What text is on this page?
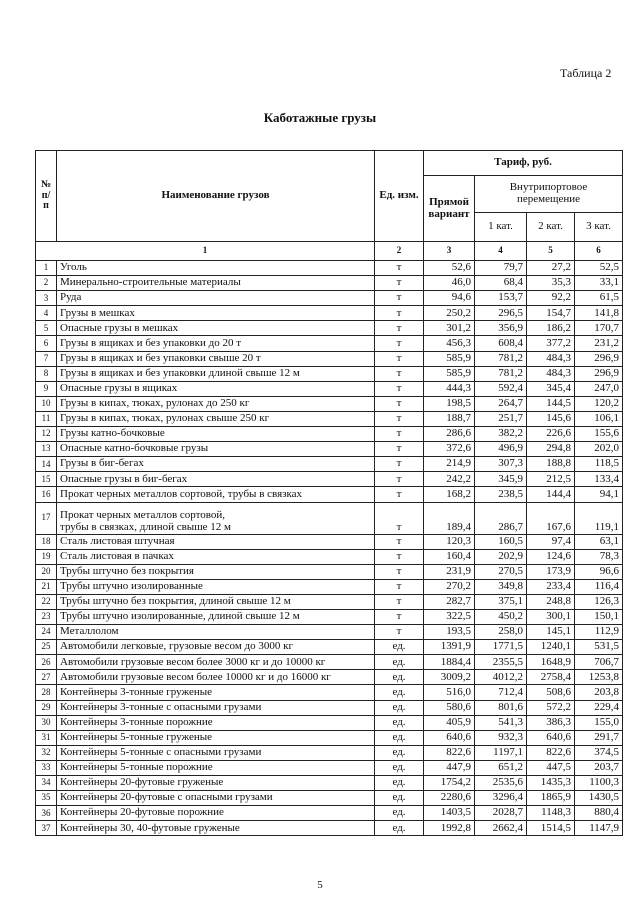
Таблица 2
Каботажные грузы
№ п/п	Наименование грузов	Ед. изм.	Тариф, руб.			
			Прямой вариант	Внутрипортовое перемещение		
				1 кат.	2 кат.	3 кат.
1		2	3	4	5	6
1	Уголь	т	52,6	79,7	27,2	52,5
2	Минерально-строительные материалы	т	46,0	68,4	35,3	33,1
3	Руда	т	94,6	153,7	92,2	61,5
4	Грузы в мешках	т	250,2	296,5	154,7	141,8
5	Опасные грузы в мешках	т	301,2	356,9	186,2	170,7
6	Грузы в ящиках и без упаковки до 20 т	т	456,3	608,4	377,2	231,2
7	Грузы в ящиках и без упаковки свыше 20 т	т	585,9	781,2	484,3	296,9
8	Грузы в ящиках и без упаковки длиной свыше 12 м	т	585,9	781,2	484,3	296,9
9	Опасные грузы в ящиках	т	444,3	592,4	345,4	247,0
10	Грузы в кипах, тюках, рулонах до 250 кг	т	198,5	264,7	144,5	120,2
11	Грузы в кипах, тюках, рулонах свыше 250 кг	т	188,7	251,7	145,6	106,1
12	Грузы катно-бочковые	т	286,6	382,2	226,6	155,6
13	Опасные катно-бочковые грузы	т	372,6	496,9	294,8	202,0
14	Грузы в биг-бегах	т	214,9	307,3	188,8	118,5
15	Опасные грузы в биг-бегах	т	242,2	345,9	212,5	133,4
16	Прокат черных металлов сортовой, трубы в связках	т	168,2	238,5	144,4	94,1
17	Прокат черных металлов сортовой,
трубы в связках, длиной свыше 12 м	т	189,4	286,7	167,6	119,1
18	Сталь листовая штучная	т	120,3	160,5	97,4	63,1
19	Сталь листовая в пачках	т	160,4	202,9	124,6	78,3
20	Трубы штучно без покрытия	т	231,9	270,5	173,9	96,6
21	Трубы штучно изолированные	т	270,2	349,8	233,4	116,4
22	Трубы штучно без покрытия, длиной свыше 12 м	т	282,7	375,1	248,8	126,3
23	Трубы штучно изолированные, длиной свыше 12 м	т	322,5	450,2	300,1	150,1
24	Металлолом	т	193,5	258,0	145,1	112,9
25	Автомобили легковые, грузовые весом до 3000 кг	ед.	1391,9	1771,5	1240,1	531,5
26	Автомобили грузовые весом более 3000 кг и до 10000 кг	ед.	1884,4	2355,5	1648,9	706,7
27	Автомобили грузовые весом более 10000 кг и до 16000 кг	ед.	3009,2	4012,2	2758,4	1253,8
28	Контейнеры 3-тонные груженые	ед.	516,0	712,4	508,6	203,8
29	Контейнеры 3-тонные с опасными грузами	ед.	580,6	801,6	572,2	229,4
30	Контейнеры 3-тонные порожние	ед.	405,9	541,3	386,3	155,0
31	Контейнеры 5-тонные груженые	ед.	640,6	932,3	640,6	291,7
32	Контейнеры 5-тонные с опасными грузами	ед.	822,6	1197,1	822,6	374,5
33	Контейнеры 5-тонные порожние	ед.	447,9	651,2	447,5	203,7
34	Контейнеры 20-футовые груженые	ед.	1754,2	2535,6	1435,3	1100,3
35	Контейнеры 20-футовые с опасными грузами	ед.	2280,6	3296,4	1865,9	1430,5
36	Контейнеры 20-футовые порожние	ед.	1403,5	2028,7	1148,3	880,4
37	Контейнеры 30, 40-футовые груженые	ед.	1992,8	2662,4	1514,5	1147,9
5
